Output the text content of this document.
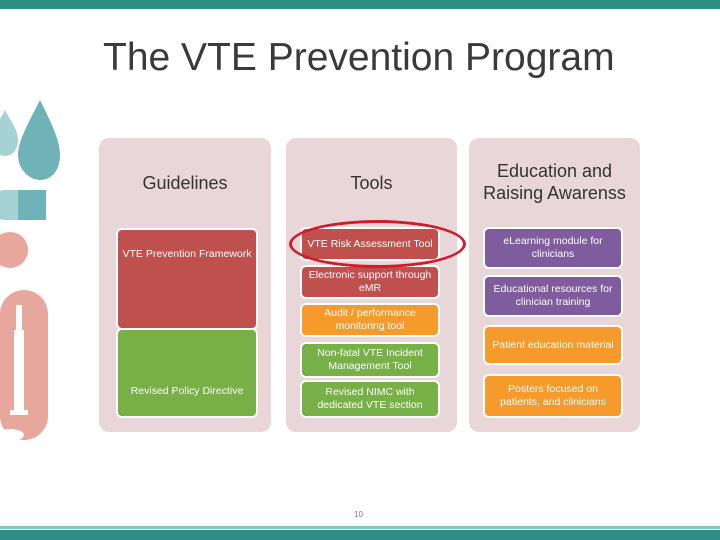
The VTE Prevention Program
Guidelines
VTE Prevention Framework
Revised Policy Directive
Tools
VTE Risk Assessment Tool
Electronic support through eMR
Audit / performance monitoring tool
Non-fatal VTE Incident Management Tool
Revised NIMC with dedicated VTE section
Education and Raising Awarenss
eLearning module for clinicians
Educational resources for clinician training
Patient education material
Posters focused on patients, and clinicians
10
